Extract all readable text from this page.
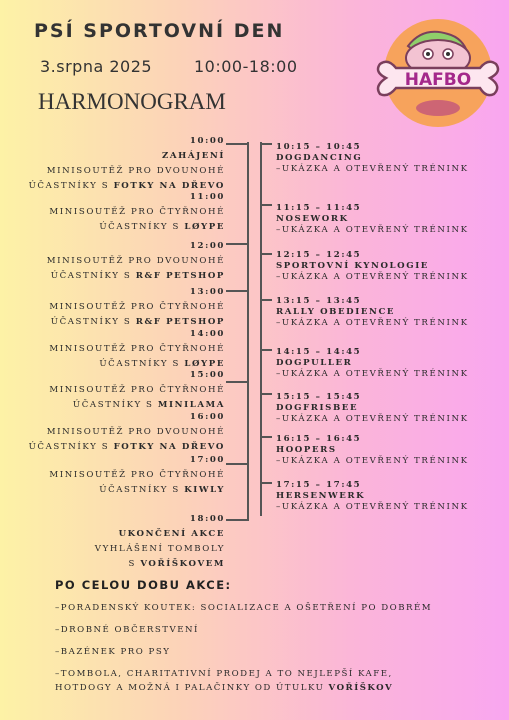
PSÍ SPORTOVNÍ DEN
3.srpna 2025	10:00-18:00
HARMONOGRAM
HAFBO
10:00
ZAHÁJENÍ
MINISOUTĚŽ PRO DVOUNOHÉ
ÚČASTNÍKY S FOTKY NA DŘEVO
11:00
MINISOUTĚŽ PRO ČTYŘNOHÉ
ÚČASTNÍKY S LØYPE
12:00
MINISOUTĚŽ PRO DVOUNOHÉ
ÚČASTNÍKY S R&F PETSHOP
13:00
MINISOUTĚŽ PRO ČTYŘNOHÉ
ÚČASTNÍKY S R&F PETSHOP
14:00
MINISOUTĚŽ PRO ČTYŘNOHÉ
ÚČASTNÍKY S LØYPE
15:00
MINISOUTĚŽ PRO ČTYŘNOHÉ
ÚČASTNÍKY S MINILAMA
16:00
MINISOUTĚŽ PRO DVOUNOHÉ
ÚČASTNÍKY S FOTKY NA DŘEVO
17:00
MINISOUTĚŽ PRO ČTYŘNOHÉ
ÚČASTNÍKY S KIWLY
18:00
UKONČENÍ AKCE
VYHLÁŠENÍ TOMBOLY
S VOŘÍŠKOVEM
10:15 – 10:45
DOGDANCING
–UKÁZKA A OTEVŘENÝ TRÉNINK
11:15 – 11:45
NOSEWORK
–UKÁZKA A OTEVŘENÝ TRÉNINK
12:15 – 12:45
SPORTOVNÍ KYNOLOGIE
–UKÁZKA A OTEVŘENÝ TRÉNINK
13:15 – 13:45
RALLY OBEDIENCE
–UKÁZKA A OTEVŘENÝ TRÉNINK
14:15 – 14:45
DOGPULLER
–UKÁZKA A OTEVŘENÝ TRÉNINK
15:15 – 15:45
DOGFRISBEE
–UKÁZKA A OTEVŘENÝ TRÉNINK
16:15 – 16:45
HOOPERS
–UKÁZKA A OTEVŘENÝ TRÉNINK
17:15 – 17:45
HERSENWERK
–UKÁZKA A OTEVŘENÝ TRÉNINK
PO CELOU DOBU AKCE:
–PORADENSKÝ KOUTEK: SOCIALIZACE A OŠETŘENÍ PO DOBRÉM
–DROBNÉ OBČERSTVENÍ
–BAZÉNEK PRO PSY
–TOMBOLA, CHARITATIVNÍ PRODEJ A TO NEJLEPŠÍ KAFE,
HOTDOGY A MOŽNÁ I PALAČINKY OD ÚTULKU VOŘÍŠKOV
